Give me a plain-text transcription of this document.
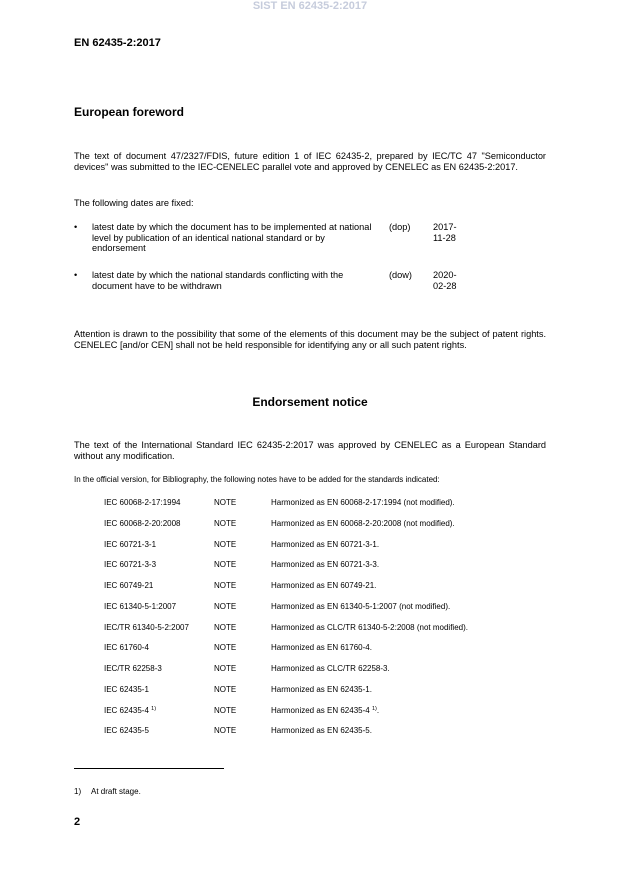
SIST EN 62435-2:2017
EN 62435-2:2017
European foreword
The text of document 47/2327/FDIS, future edition 1 of IEC 62435-2, prepared by IEC/TC 47 "Semiconductor devices" was submitted to the IEC-CENELEC parallel vote and approved by CENELEC as EN 62435-2:2017.
The following dates are fixed:
• latest date by which the document has to be implemented at national level by publication of an identical national standard or by endorsement
(dop) 2017-11-28
• latest date by which the national standards conflicting with the document have to be withdrawn
(dow) 2020-02-28
Attention is drawn to the possibility that some of the elements of this document may be the subject of patent rights. CENELEC [and/or CEN] shall not be held responsible for identifying any or all such patent rights.
Endorsement notice
The text of the International Standard IEC 62435-2:2017 was approved by CENELEC as a European Standard without any modification.
In the official version, for Bibliography, the following notes have to be added for the standards indicated:
IEC 60068-2-17:1994	NOTE	Harmonized as EN 60068-2-17:1994 (not modified).
IEC 60068-2-20:2008	NOTE	Harmonized as EN 60068-2-20:2008 (not modified).
IEC 60721-3-1	NOTE	Harmonized as EN 60721-3-1.
IEC 60721-3-3	NOTE	Harmonized as EN 60721-3-3.
IEC 60749-21	NOTE	Harmonized as EN 60749-21.
IEC 61340-5-1:2007	NOTE	Harmonized as EN 61340-5-1:2007 (not modified).
IEC/TR 61340-5-2:2007	NOTE	Harmonized as CLC/TR 61340-5-2:2008 (not modified).
IEC 61760-4	NOTE	Harmonized as EN 61760-4.
IEC/TR 62258-3	NOTE	Harmonized as CLC/TR 62258-3.
IEC 62435-1	NOTE	Harmonized as EN 62435-1.
IEC 62435-4 $^{1)}$	NOTE	Harmonized as EN 62435-4 $^{1)}$.
IEC 62435-5	NOTE	Harmonized as EN 62435-5.
1) At draft stage.
2
